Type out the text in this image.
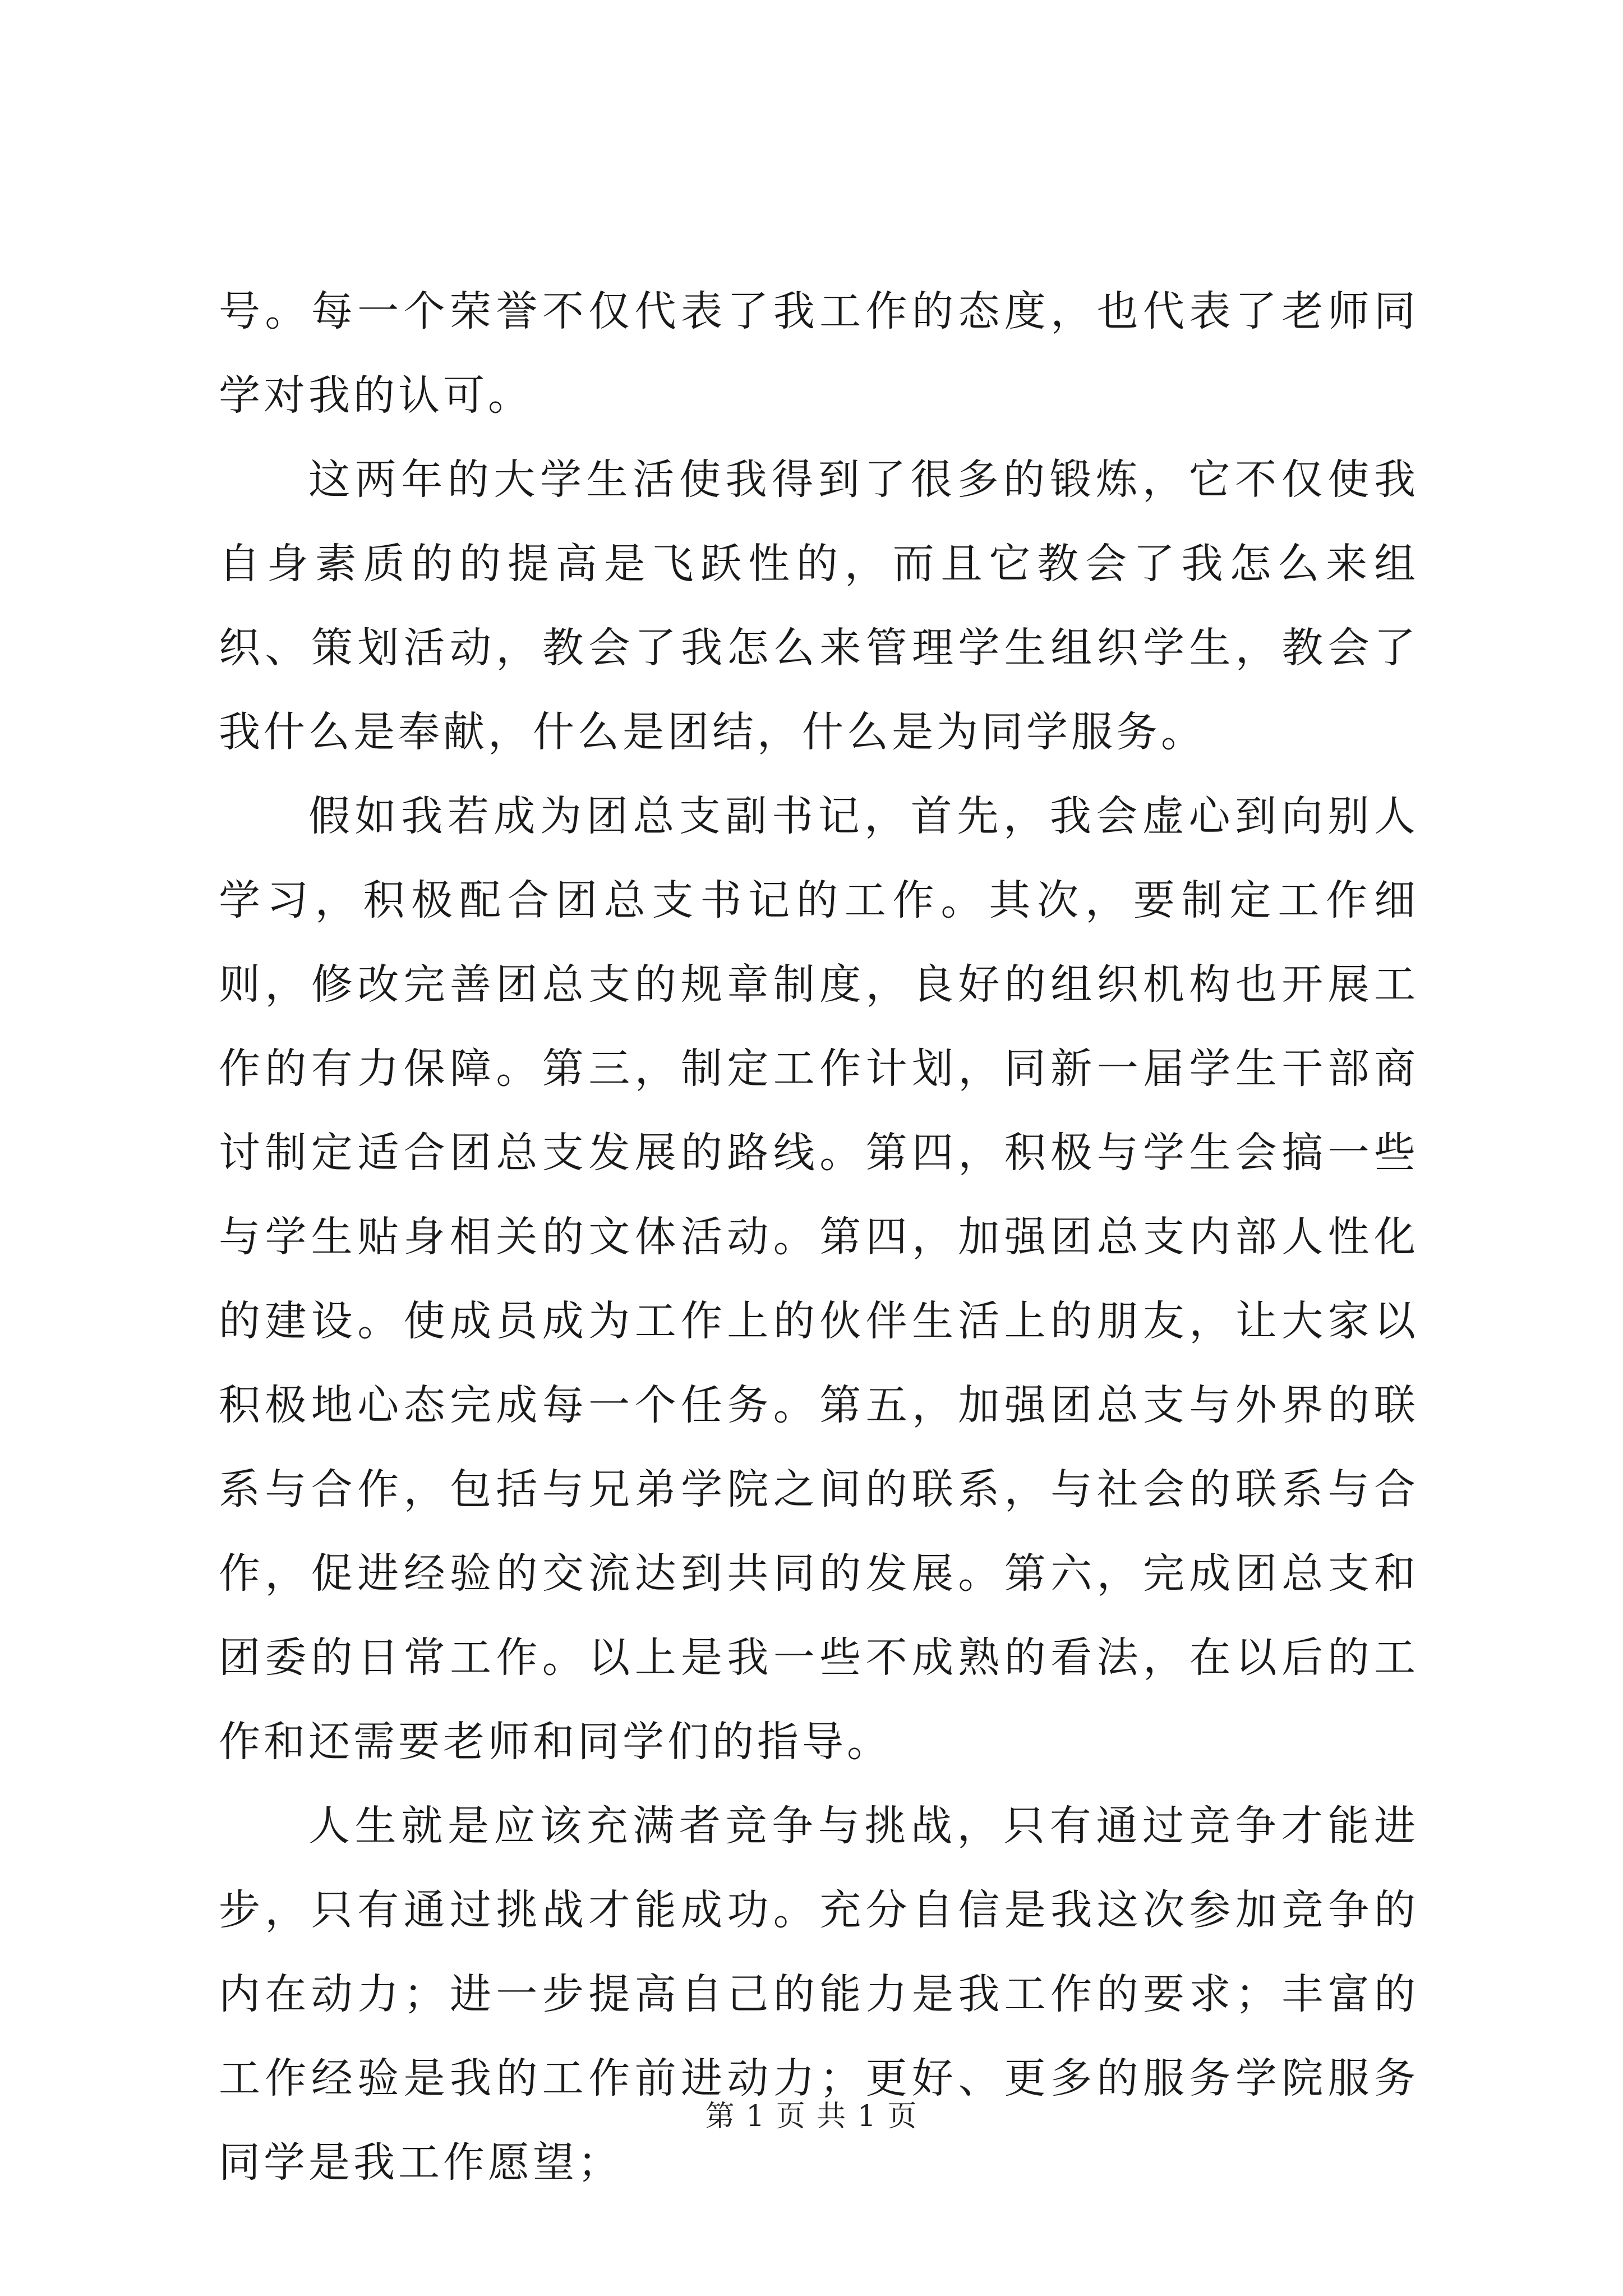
号。每一个荣誉不仅代表了我工作的态度，也代表了老师同学对我的认可。

这两年的大学生活使我得到了很多的锻炼，它不仅使我自身素质的的提高是飞跃性的，而且它教会了我怎么来组织、策划活动，教会了我怎么来管理学生组织学生，教会了我什么是奉献，什么是团结，什么是为同学服务。

假如我若成为团总支副书记，首先，我会虚心到向别人学习，积极配合团总支书记的工作。其次，要制定工作细则，修改完善团总支的规章制度，良好的组织机构也开展工作的有力保障。第三，制定工作计划，同新一届学生干部商讨制定适合团总支发展的路线。第四，积极与学生会搞一些与学生贴身相关的文体活动。第四，加强团总支内部人性化的建设。使成员成为工作上的伙伴生活上的朋友，让大家以积极地心态完成每一个任务。第五，加强团总支与外界的联系与合作，包括与兄弟学院之间的联系，与社会的联系与合作，促进经验的交流达到共同的发展。第六，完成团总支和团委的日常工作。以上是我一些不成熟的看法，在以后的工作和还需要老师和同学们的指导。

人生就是应该充满者竞争与挑战，只有通过竞争才能进步，只有通过挑战才能成功。充分自信是我这次参加竞争的内在动力；进一步提高自己的能力是我工作的要求；丰富的工作经验是我的工作前进动力；更好、更多的服务学院服务同学是我工作愿望；

第 1 页 共 1 页
